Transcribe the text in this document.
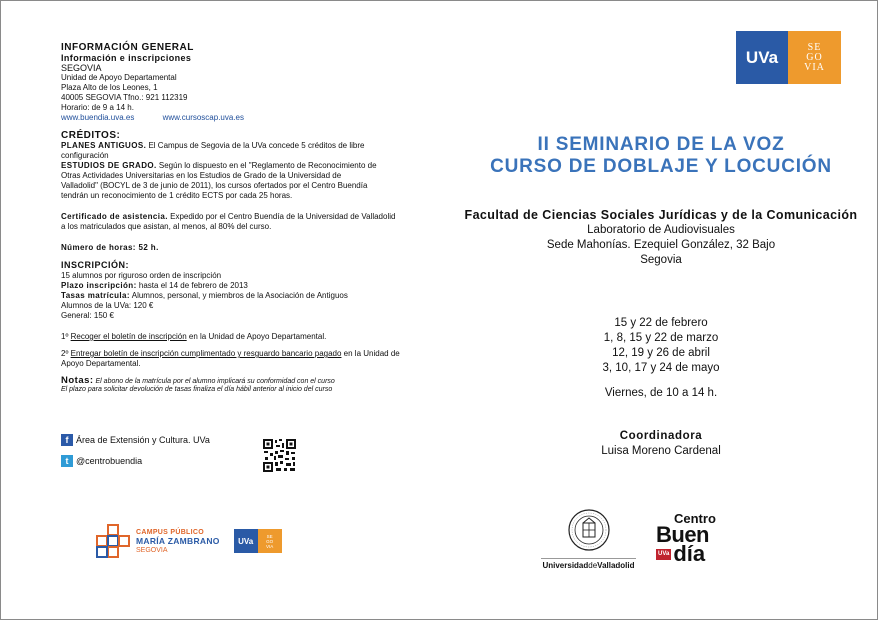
INFORMACIÓN GENERAL
Información e inscripciones
SEGOVIA
Unidad de Apoyo Departamental
Plaza Alto de los Leones, 1
40005 SEGOVIA Tfno.: 921 112319
Horario: de 9 a 14 h.
www.buendia.uva.es	www.cursoscap.uva.es
CRÉDITOS:
PLANES ANTIGUOS. El Campus de Segovia de la UVa concede 5 créditos de libre configuración
ESTUDIOS DE GRADO. Según lo dispuesto en el "Reglamento de Reconocimiento de Otras Actividades Universitarias en los Estudios de Grado de la Universidad de Valladolid" (BOCYL de 3 de junio de 2011), los cursos ofertados por el Centro Buendía tendrán un reconocimiento de 1 crédito ECTS por cada 25 horas.
Certificado de asistencia. Expedido por el Centro Buendía de la Universidad de Valladolid a los matriculados que asistan, al menos, al 80% del curso.
Número de horas: 52 h.
INSCRIPCIÓN:
15 alumnos por riguroso orden de inscripción
Plazo inscripción: hasta el 14 de febrero de 2013
Tasas matrícula: Alumnos, personal, y miembros de la Asociación de Antiguos Alumnos de la UVa: 120 €
General: 150 €
1º Recoger el boletín de inscripción en la Unidad de Apoyo Departamental.
2º Entregar boletín de inscripción cumplimentado y resguardo bancario pagado en la Unidad de Apoyo Departamental.
Notas: El abono de la matrícula por el alumno implicará su conformidad con el curso
El plazo para solicitar devolución de tasas finaliza el día hábil anterior al inicio del curso
f Área de Extensión y Cultura. UVa
t @centrobuendia
CAMPUS PÚBLICO
MARÍA ZAMBRANO
SEGOVIA
UVa
SE
GO
VIA
UVa
SE
GO
VIA
II SEMINARIO DE LA VOZ
CURSO DE DOBLAJE Y LOCUCIÓN
Facultad de Ciencias Sociales Jurídicas y de la Comunicación
Laboratorio de Audiovisuales
Sede Mahonías. Ezequiel González, 32 Bajo
Segovia
15 y 22 de febrero
1, 8, 15 y 22 de marzo
12, 19 y 26 de abril
3, 10, 17 y 24 de mayo
Viernes, de 10 a 14 h.
Coordinadora
Luisa Moreno Cardenal
UniversidaddeValladolid
Centro
Buen
UVa día
